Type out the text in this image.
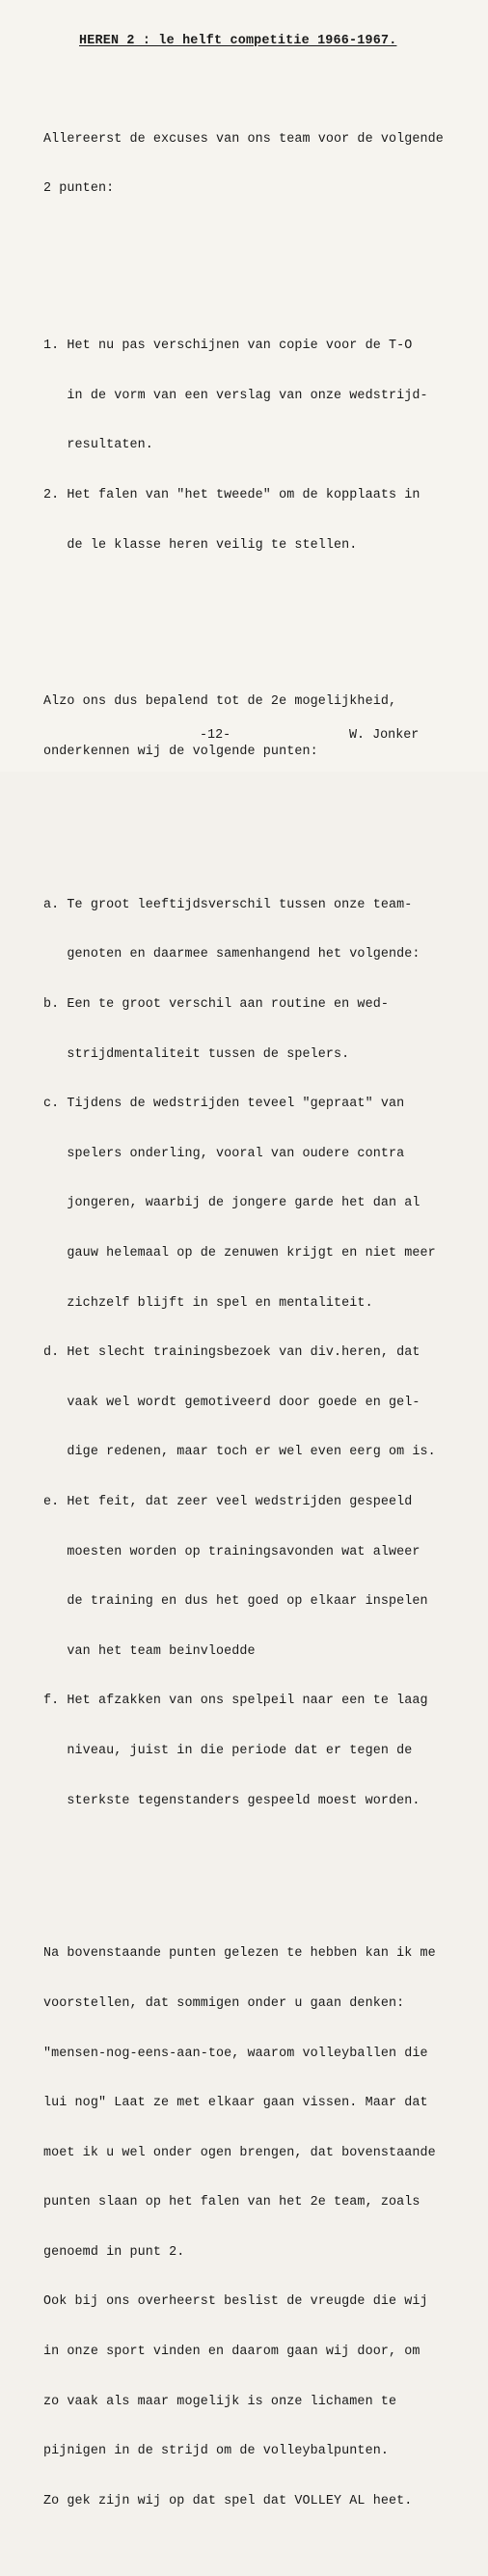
HEREN 2 : le helft competitie 1966-1967.

Allereerst de excuses van ons team voor de volgende

2 punten:

1. Het nu pas verschijnen van copie voor de T-O

in de vorm van een verslag van onze wedstrijd-

resultaten.

2. Het falen van "het tweede" om de kopplaats in

de le klasse heren veilig te stellen.

Alzo ons dus bepalend tot de 2e mogelijkheid,

onderkennen wij de volgende punten:

a. Te groot leeftijdsverschil tussen onze team-

genoten en daarmee samenhangend het volgende:

b. Een te groot verschil aan routine en wed-

strijdmentaliteit tussen de spelers.

c. Tijdens de wedstrijden teveel "gepraat" van

spelers onderling, vooral van oudere contra

jongeren, waarbij de jongere garde het dan al

gauw helemaal op de zenuwen krijgt en niet meer

zichzelf blijft in spel en mentaliteit.

d. Het slecht trainingsbezoek van div.heren, dat

vaak wel wordt gemotiveerd door goede en gel-

dige redenen, maar toch er wel even eerg om is.

e. Het feit, dat zeer veel wedstrijden gespeeld

moesten worden op trainingsavonden wat alweer

de training en dus het goed op elkaar inspelen

van het team beinvloedde

f. Het afzakken van ons spelpeil naar een te laag

niveau, juist in die periode dat er tegen de

sterkste tegenstanders gespeeld moest worden.

Na bovenstaande punten gelezen te hebben kan ik me

voorstellen, dat sommigen onder u gaan denken:

"mensen-nog-eens-aan-toe, waarom volleyballen die

lui nog" Laat ze met elkaar gaan vissen. Maar dat

moet ik u wel onder ogen brengen, dat bovenstaande

punten slaan op het falen van het 2e team, zoals

genoemd in punt 2.

Ook bij ons overheerst beslist de vreugde die wij

in onze sport vinden en daarom gaan wij door, om

zo vaak als maar mogelijk is onze lichamen te

pijnigen in de strijd om de volleybalpunten.

Zo gek zijn wij op dat spel dat VOLLEY AL heet.

-12-	W. Jonker
